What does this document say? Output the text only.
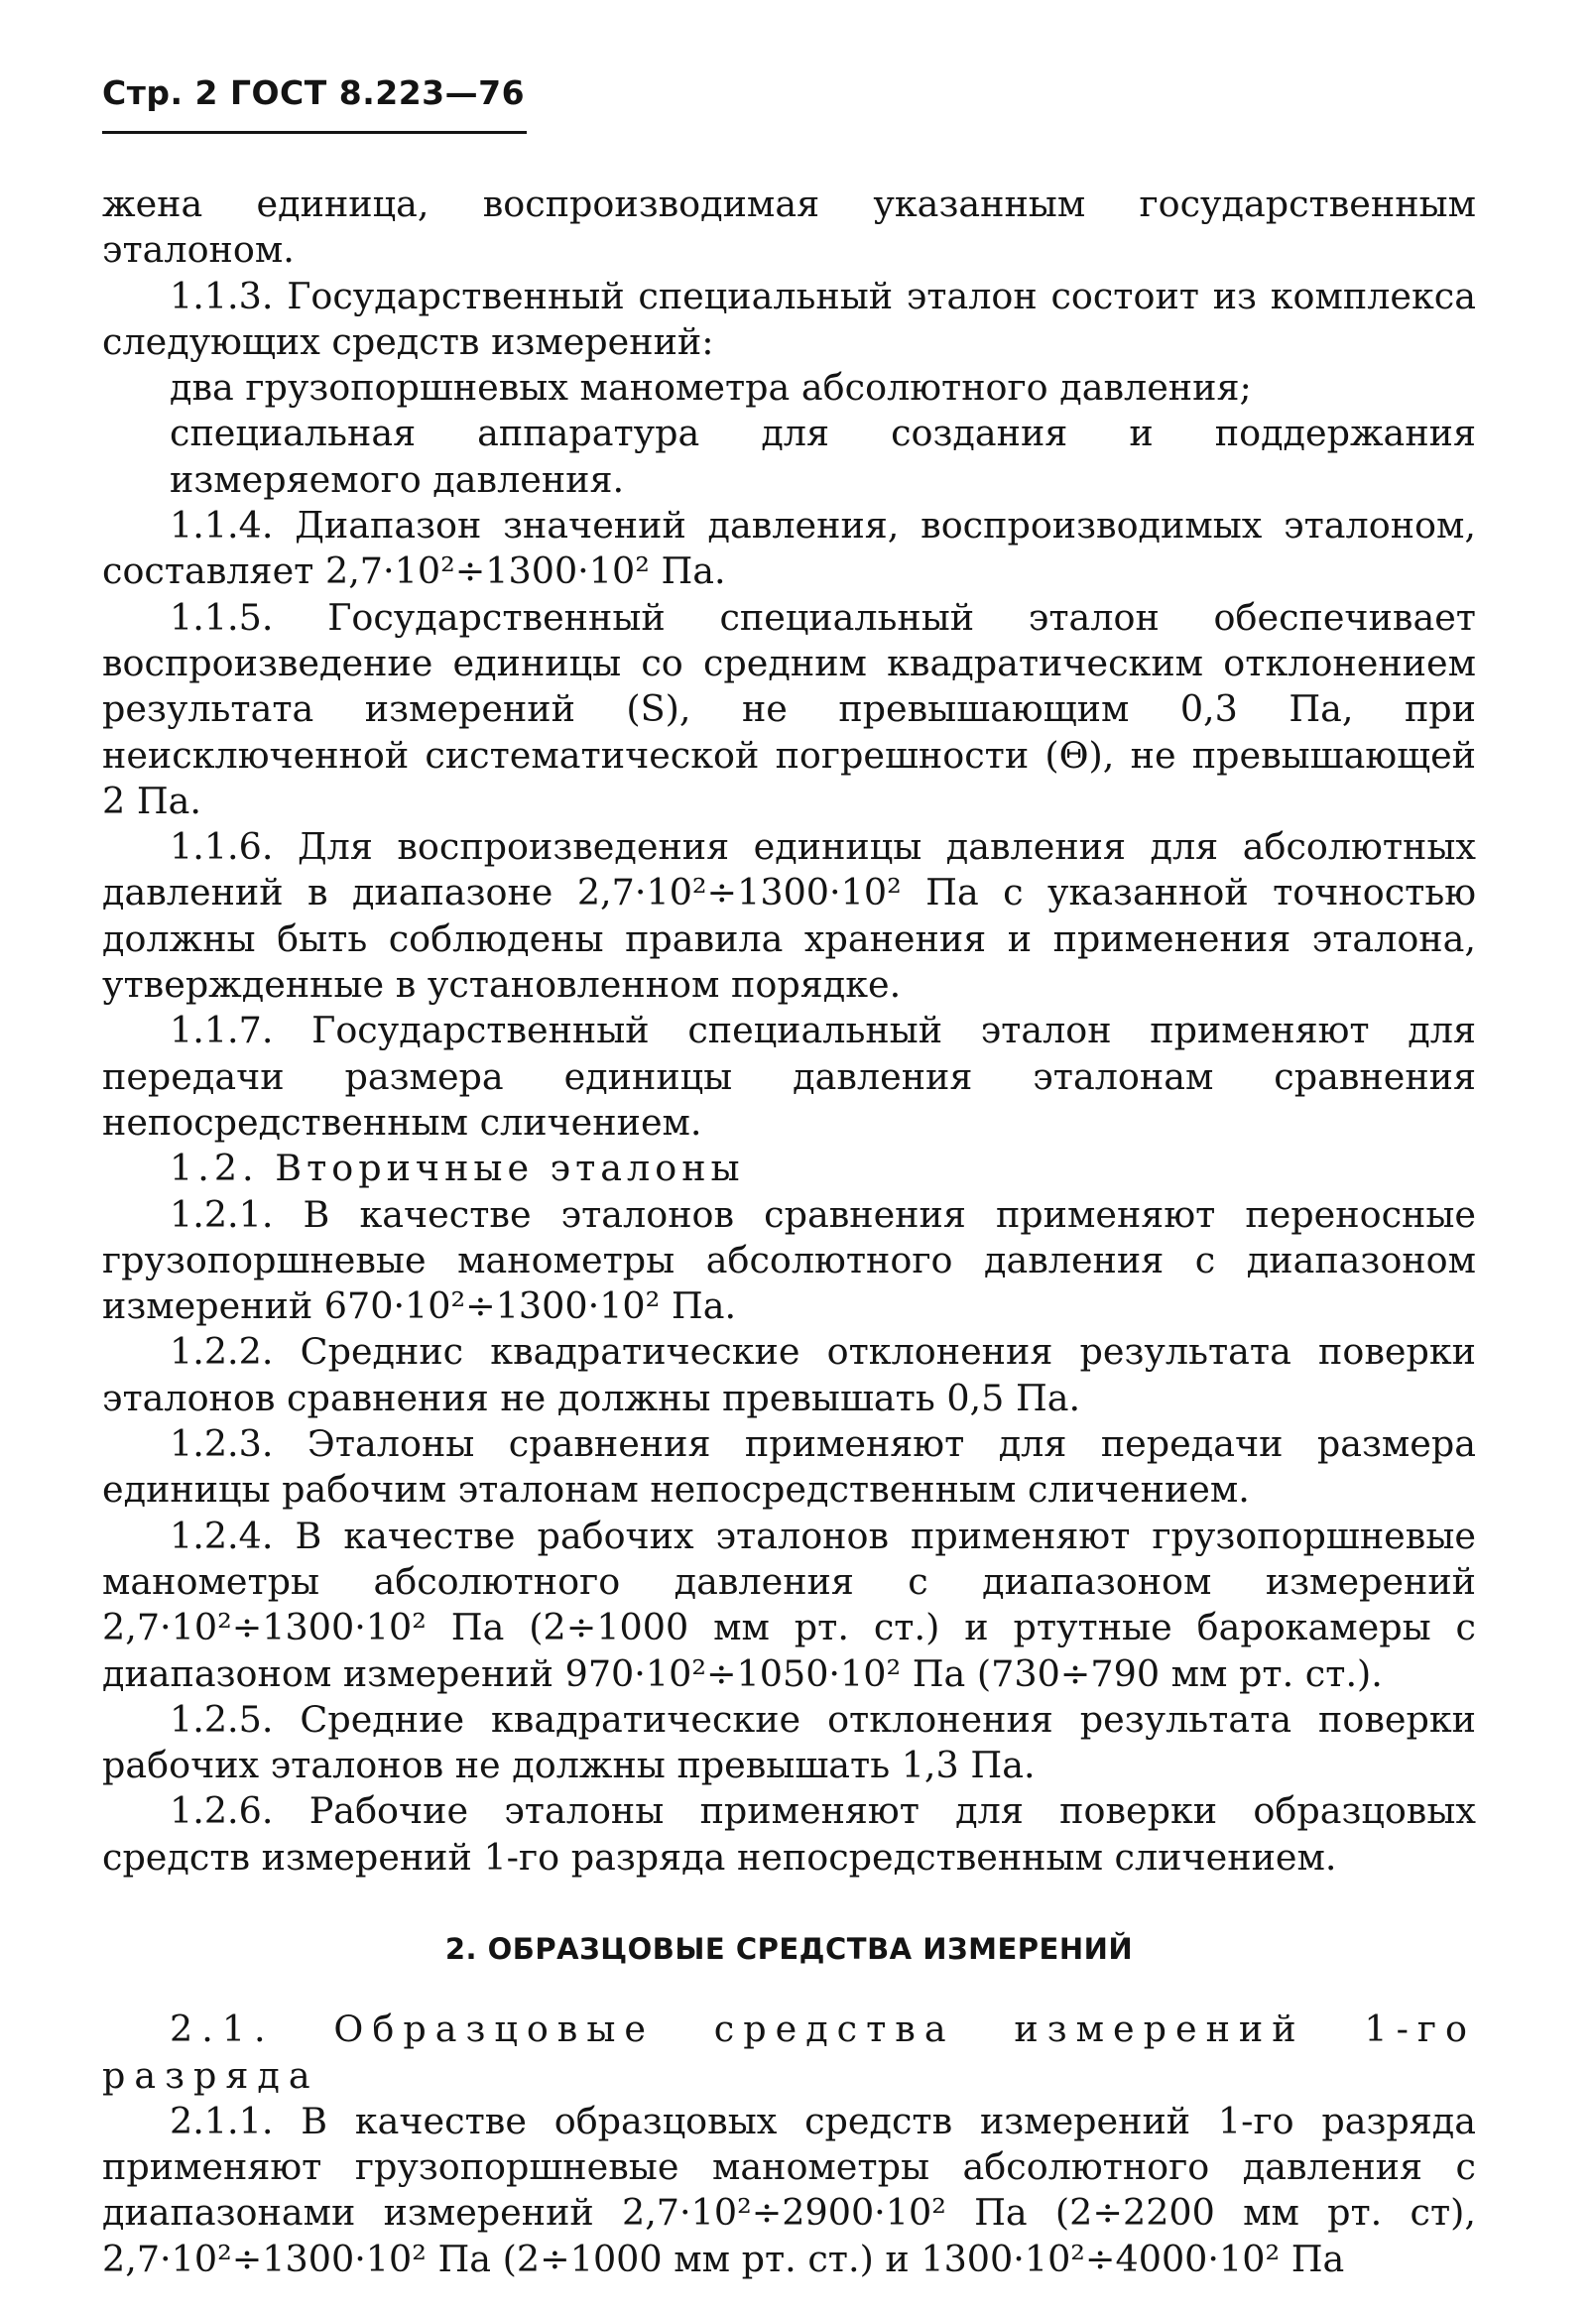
Стр. 2 ГОСТ 8.223—76

жена единица, воспроизводимая указанным государственным эталоном.

1.1.3. Государственный специальный эталон состоит из комплекса следующих средств измерений:

два грузопоршневых манометра абсолютного давления;

специальная аппаратура для создания и поддержания измеряемого давления.

1.1.4. Диапазон значений давления, воспроизводимых эталоном, составляет 2,7·10²÷1300·10² Па.

1.1.5. Государственный специальный эталон обеспечивает воспроизведение единицы со средним квадратическим отклонением результата измерений (S), не превышающим 0,3 Па, при неисключенной систематической погрешности (Θ), не превышающей 2 Па.

1.1.6. Для воспроизведения единицы давления для абсолютных давлений в диапазоне 2,7·10²÷1300·10² Па с указанной точностью должны быть соблюдены правила хранения и применения эталона, утвержденные в установленном порядке.

1.1.7. Государственный специальный эталон применяют для передачи размера единицы давления эталонам сравнения непосредственным сличением.

1.2. Вторичные эталоны

1.2.1. В качестве эталонов сравнения применяют переносные грузопоршневые манометры абсолютного давления с диапазоном измерений 670·10²÷1300·10² Па.

1.2.2. Среднис квадратические отклонения результата поверки эталонов сравнения не должны превышать 0,5 Па.

1.2.3. Эталоны сравнения применяют для передачи размера единицы рабочим эталонам непосредственным сличением.

1.2.4. В качестве рабочих эталонов применяют грузопоршневые манометры абсолютного давления с диапазоном измерений 2,7·10²÷1300·10² Па (2÷1000 мм рт. ст.) и ртутные барокамеры с диапазоном измерений 970·10²÷1050·10² Па (730÷790 мм рт. ст.).

1.2.5. Средние квадратические отклонения результата поверки рабочих эталонов не должны превышать 1,3 Па.

1.2.6. Рабочие эталоны применяют для поверки образцовых средств измерений 1-го разряда непосредственным сличением.

2. ОБРАЗЦОВЫЕ СРЕДСТВА ИЗМЕРЕНИЙ

2.1. Образцовые средства измерений 1-го разряда

2.1.1. В качестве образцовых средств измерений 1-го разряда применяют грузопоршневые манометры абсолютного давления с диапазонами измерений 2,7·10²÷2900·10² Па (2÷2200 мм рт. ст), 2,7·10²÷1300·10² Па (2÷1000 мм рт. ст.) и 1300·10²÷4000·10² Па
